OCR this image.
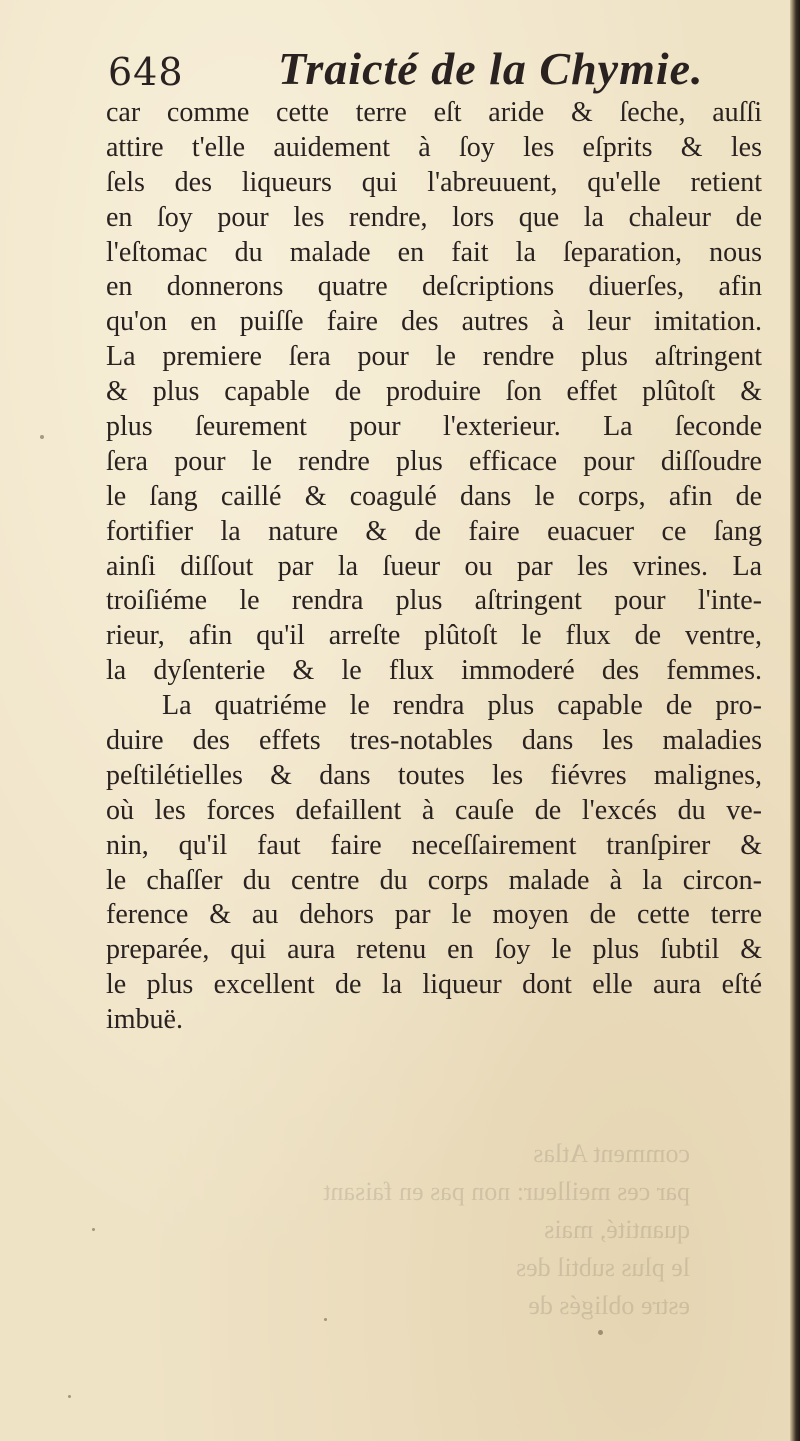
648 Traicté de la Chymie.
car comme cette terre eſt aride & ſeche, auſſi
attire t'elle auidement à ſoy les eſprits & les
ſels des liqueurs qui l'abreuuent, qu'elle retient
en ſoy pour les rendre, lors que la chaleur de
l'eſtomac du malade en fait la ſeparation, nous
en donnerons quatre deſcriptions diuerſes, afin
qu'on en puiſſe faire des autres à leur imitation.
La premiere ſera pour le rendre plus aſtringent
& plus capable de produire ſon effet plûtoſt &
plus ſeurement pour l'exterieur. La ſeconde
ſera pour le rendre plus efficace pour diſſoudre
le ſang caillé & coagulé dans le corps, afin de
fortifier la nature & de faire euacuer ce ſang
ainſi diſſout par la ſueur ou par les vrines. La
troiſiéme le rendra plus aſtringent pour l'inte-
rieur, afin qu'il arreſte plûtoſt le flux de ventre,
la dyſenterie & le flux immoderé des femmes.
La quatriéme le rendra plus capable de pro-
duire des effets tres-notables dans les maladies
peſtilétielles & dans toutes les fiévres malignes,
où les forces defaillent à cauſe de l'excés du ve-
nin, qu'il faut faire neceſſairement tranſpirer &
le chaſſer du centre du corps malade à la circon-
ference & au dehors par le moyen de cette terre
preparée, qui aura retenu en ſoy le plus ſubtil &
le plus excellent de la liqueur dont elle aura eſté
imbuë.
comment Atlas
par ces meilleur: non pas en faisant
quantité, mais
le plus subtil des
estre obligés de
